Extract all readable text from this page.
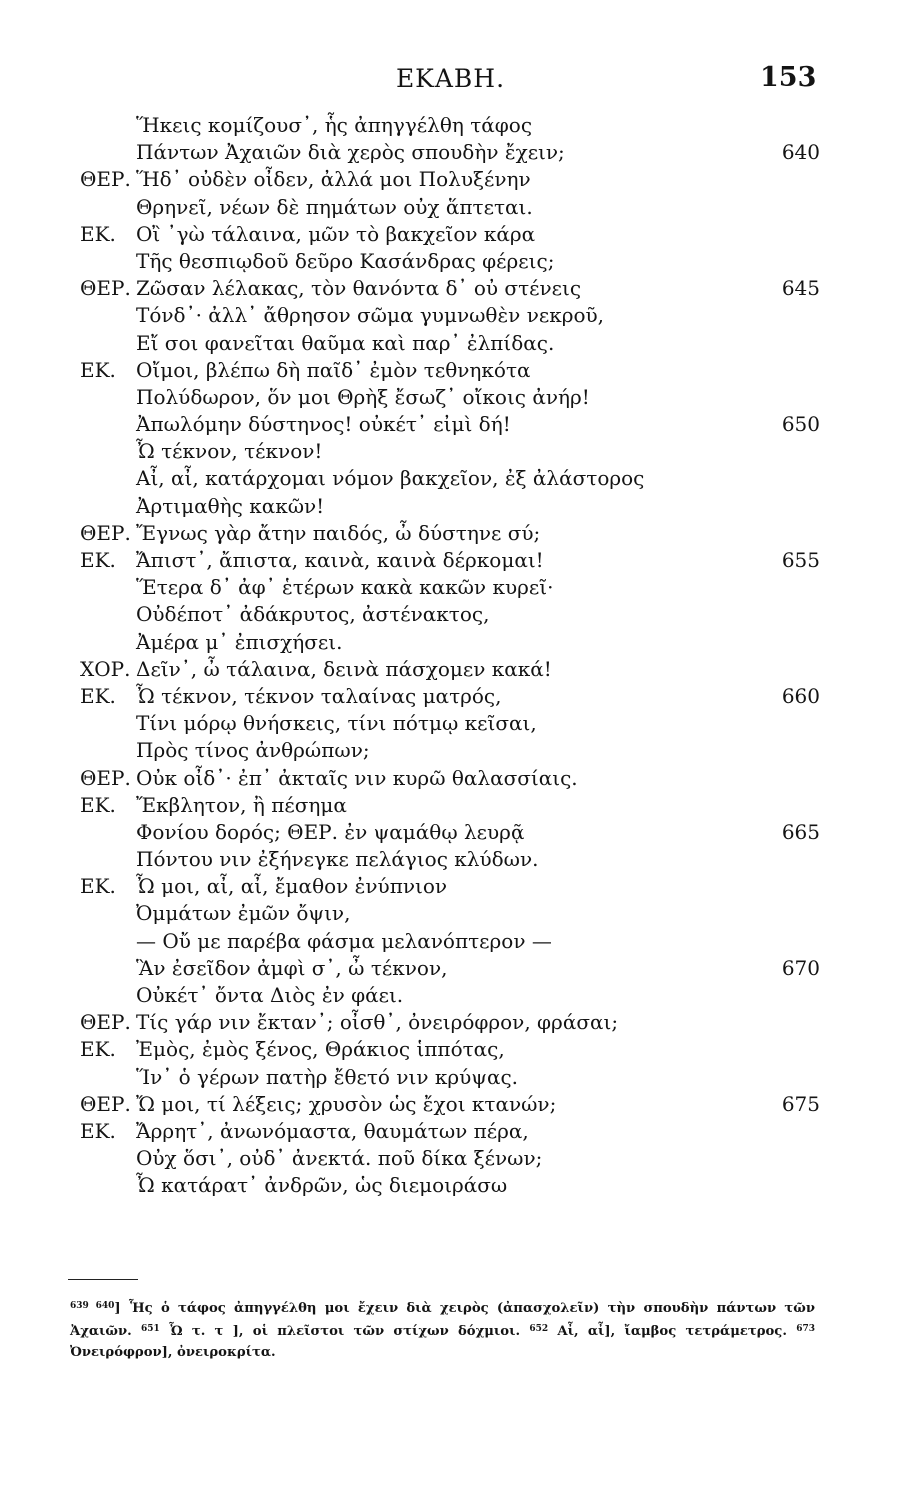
ΕΚΑΒΗ.	153
Ἥκεις κομίζουσ᾽, ἧς ἀπηγγέλθη τάφος
Πάντων Ἀχαιῶν διὰ χερὸς σπουδὴν ἔχειν;	640
ΘΕΡ. Ἥδ᾽ οὐδὲν οἶδεν, ἀλλά μοι Πολυξένην
Θρηνεῖ, νέων δὲ πημάτων οὐχ ἅπτεται.
ΕΚ. Οἲ ᾽γὼ τάλαινα, μῶν τὸ βακχεῖον κάρα
Τῆς θεσπιῳδοῦ δεῦρο Κασάνδρας φέρεις;
ΘΕΡ. Ζῶσαν λέλακας, τὸν θανόντα δ᾽ οὐ στένεις	645
Τόνδ᾽· ἀλλ᾽ ἄθρησον σῶμα γυμνωθὲν νεκροῦ,
Εἴ σοι φανεῖται θαῦμα καὶ παρ᾽ ἐλπίδας.
ΕΚ. Οἴμοι, βλέπω δὴ παῖδ᾽ ἐμὸν τεθνηκότα
Πολύδωρον, ὅν μοι Θρὴξ ἔσωζ᾽ οἴκοις ἀνήρ!
Ἀπωλόμην δύστηνος! οὐκέτ᾽ εἰμὶ δή!	650
Ὦ τέκνον, τέκνον!
Αἶ, αἶ, κατάρχομαι νόμον βακχεῖον, ἐξ ἀλάστορος
Ἀρτιμαθὴς κακῶν!
ΘΕΡ. Ἔγνως γὰρ ἄτην παιδός, ὦ δύστηνε σύ;
ΕΚ. Ἄπιστ᾽, ἄπιστα, καινὰ, καινὰ δέρκομαι!	655
Ἕτερα δ᾽ ἀφ᾽ ἑτέρων κακὰ κακῶν κυρεῖ·
Οὐδέποτ᾽ ἀδάκρυτος, ἀστένακτος,
Ἀμέρα μ᾽ ἐπισχήσει.
ΧΟΡ. Δεῖν᾽, ὦ τάλαινα, δεινὰ πάσχομεν κακά!
ΕΚ. Ὦ τέκνον, τέκνον ταλαίνας ματρός,	660
Τίνι μόρῳ θνήσκεις, τίνι πότμῳ κεῖσαι,
Πρὸς τίνος ἀνθρώπων;
ΘΕΡ. Οὐκ οἶδ᾽· ἐπ᾽ ἀκταῖς νιν κυρῶ θαλασσίαις.
ΕΚ. Ἔκβλητον, ἢ πέσημα
Φονίου δορός; ΘΕΡ. ἐν ψαμάθῳ λευρᾷ	665
Πόντου νιν ἐξήνεγκε πελάγιος κλύδων.
ΕΚ. Ὦ μοι, αἶ, αἶ, ἔμαθον ἐνύπνιον
Ὀμμάτων ἐμῶν ὄψιν,
— Οὔ με παρέβα φάσμα μελανόπτερον —
Ἃν ἐσεῖδον ἀμφὶ σ᾽, ὦ τέκνον,	670
Οὐκέτ᾽ ὄντα Διὸς ἐν φάει.
ΘΕΡ. Τίς γάρ νιν ἔκταν᾽; οἶσθ᾽, ὀνειρόφρον, φράσαι;
ΕΚ. Ἐμὸς, ἐμὸς ξένος, Θράκιος ἱππότας,
Ἵν᾽ ὁ γέρων πατὴρ ἔθετό νιν κρύψας.
ΘΕΡ. Ὤ μοι, τί λέξεις; χρυσὸν ὡς ἔχοι κτανών;	675
ΕΚ. Ἄρρητ᾽, ἀνωνόμαστα, θαυμάτων πέρα,
Οὐχ ὅσι᾽, οὐδ᾽ ἀνεκτά. ποῦ δίκα ξένων;
Ὦ κατάρατ᾽ ἀνδρῶν, ὡς διεμοιράσω

$^{639 640}$] Ἧς ὁ τάφος ἀπηγγέλθη μοι ἔχειν διὰ χειρὸς (ἀπασχολεῖν) τὴν σπουδὴν πάντων τῶν Ἀχαιῶν. $^{651}$ Ὦ τ. τ ], οἱ πλεῖστοι τῶν στίχων δόχμιοι. $^{652}$ Αἶ, αἶ], ἴαμβος τετράμετρος. $^{673}$ Ὀνειρόφρον], ὀνειροκρίτα.
